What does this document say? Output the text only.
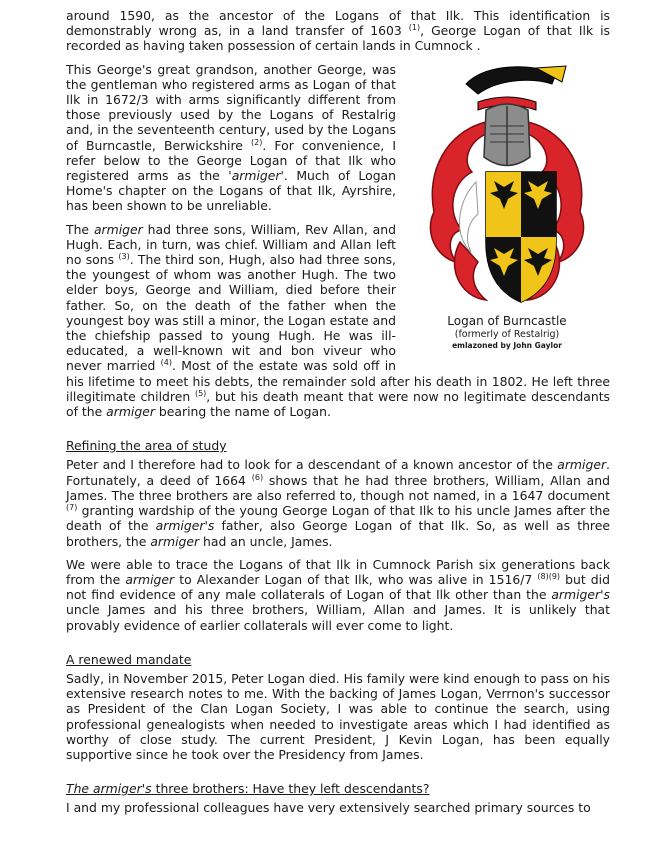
around 1590, as the ancestor of the Logans of that Ilk. This identification is demonstrably wrong as, in a land transfer of 1603 $^{(1)}$, George Logan of that Ilk is recorded as having taken possession of certain lands in Cumnock .

Logan of Burncastle
(formerly of Restalrig)
emlazoned by John Gaylor

This George's great grandson, another George, was the gentleman who registered arms as Logan of that Ilk in 1672/3 with arms significantly different from those previously used by the Logans of Restalrig and, in the seventeenth century, used by the Logans of Burncastle, Berwickshire $^{(2)}$. For convenience, I refer below to the George Logan of that Ilk who registered arms as the 'armiger'. Much of Logan Home's chapter on the Logans of that Ilk, Ayrshire, has been shown to be unreliable.

The armiger had three sons, William, Rev Allan, and Hugh. Each, in turn, was chief. William and Allan left no sons $^{(3)}$. The third son, Hugh, also had three sons, the youngest of whom was another Hugh. The two elder boys, George and William, died before their father. So, on the death of the father when the youngest boy was still a minor, the Logan estate and the chiefship passed to young Hugh. He was ill-educated, a well-known wit and bon viveur who never married $^{(4)}$. Most of the estate was sold off in his lifetime to meet his debts, the remainder sold after his death in 1802. He left three illegitimate children $^{(5)}$, but his death meant that were now no legitimate descendants of the armiger bearing the name of Logan.

Refining the area of study

Peter and I therefore had to look for a descendant of a known ancestor of the armiger. Fortunately, a deed of 1664 $^{(6)}$ shows that he had three brothers, William, Allan and James. The three brothers are also referred to, though not named, in a 1647 document $^{(7)}$ granting wardship of the young George Logan of that Ilk to his uncle James after the death of the armiger's father, also George Logan of that Ilk. So, as well as three brothers, the armiger had an uncle, James.

We were able to trace the Logans of that Ilk in Cumnock Parish six generations back from the armiger to Alexander Logan of that Ilk, who was alive in 1516/7 $^{(8)(9)}$ but did not find evidence of any male collaterals of Logan of that Ilk other than the armiger's uncle James and his three brothers, William, Allan and James. It is unlikely that provably evidence of earlier collaterals will ever come to light.

A renewed mandate

Sadly, in November 2015, Peter Logan died. His family were kind enough to pass on his extensive research notes to me. With the backing of James Logan, Verrnon's successor as President of the Clan Logan Society, I was able to continue the search, using professional genealogists when needed to investigate areas which I had identified as worthy of close study. The current President, J Kevin Logan, has been equally supportive since he took over the Presidency from James.

The armiger's three brothers: Have they left descendants?

I and my professional colleagues have very extensively searched primary sources to
